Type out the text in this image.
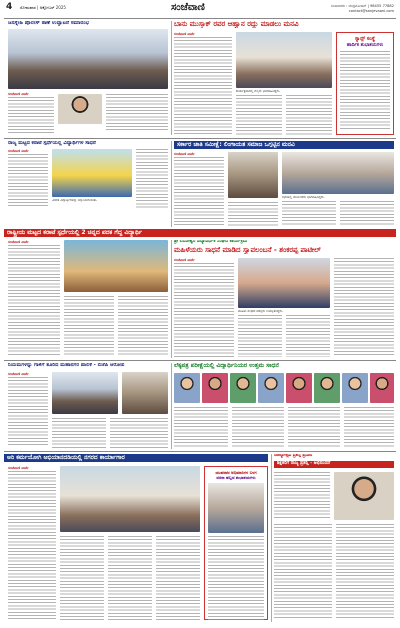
4 ಸೋಮವಾರ | ಅಕ್ಟೋಬರ್ 2025	ಸಂಜೆವಾಣಿ	ಸಂಪಾದಕರು : ಚಂದ್ರಮೋಹನ್ | 98455 77882
contact@sanjevaani.com
ಜನಸ್ನೇಹಿ ಪೊಲೀಸ್ ಠಾಣೆ ಉದ್ಘಾಟನೆ ಸಮಾರಂಭ
ಸಂಜೆವಾಣಿ ವಾರ್ತೆ
ಬಾನು ಮುಸ್ತಾಕ್ ರವರ ಆಹ್ವಾನ ರದ್ದು ಮಾಡಲು ಮನವಿ
ಸಂಜೆವಾಣಿ ವಾರ್ತೆ
ಕಾರ್ಯಕ್ರಮದಲ್ಲಿ ಗಣ್ಯರು ಭಾಗವಹಿಸಿದ್ದರು.
ಸ್ಯಾನ್ಸ್ ಸಂಸ್ಥೆ
ಹಾರ್ದಿಕ ಶುಭಾಶಯಗಳು
ರಾಜ್ಯ ಮಟ್ಟದ ಕರಾಟೆ ಸ್ಪರ್ಧೆಯಲ್ಲಿ ವಿದ್ಯಾರ್ಥಿಗಳ ಸಾಧನೆ
ಸಂಜೆವಾಣಿ ವಾರ್ತೆ
ವಿಜೇತ ವಿದ್ಯಾರ್ಥಿಗಳನ್ನು ಸನ್ಮಾನಿಸಲಾಯಿತು.
ಸರ್ಕಾರ ಜಾತಿ ಸಮೀಕ್ಷೆ: ಲಿಂಗಾಯತ ಸಮಾಜ ಒಗ್ಗಟ್ಟಿನ ಮನವಿ
ಸಂಜೆವಾಣಿ ವಾರ್ತೆ
ಸಭೆಯಲ್ಲಿ ಮುಖಂಡರು ಭಾಗವಹಿಸಿದ್ದರು.
ರಾಷ್ಟ್ರೀಯ ಮಟ್ಟದ ಕರಾಟೆ ಸ್ಪರ್ಧೆಯಲ್ಲಿ 2 ಚಿನ್ನದ ಪದಕ ಗೆದ್ದ ವಿದ್ಯಾರ್ಥಿ
ಸಂಜೆವಾಣಿ ವಾರ್ತೆ	ಶ್ರೀ ಬಸವೇಶ್ವರ ವಿದ್ಯಾವರ್ಧಕ ಸಂಘದ ಕಾರ್ಯಕ್ರಮ
ಮಹಿಳೆಯರು ಸಾಧನೆ ಮಾಡಿದ ಸ್ವಾವಲಂಬನೆ - ಶಂಕರಪ್ಪ ಪಾಟೀಲ್
ಸಂಜೆವಾಣಿ ವಾರ್ತೆ
ಮಹಿಳಾ ಸಂಘದ ಸದಸ್ಯರು ಉಪಸ್ಥಿತರಿದ್ದರು.
ನಿಯಮಗಳನ್ನು ಗಾಳಿಗೆ ತೂರಿದ ಮಹಾನಗರ ಪಾಲಿಕೆ - ಬಿಜೆಪಿ ಆರೋಪ
ಸಂಜೆವಾಣಿ ವಾರ್ತೆ
ಲೆಕ್ಕಪತ್ರ ಪರೀಕ್ಷೆಯಲ್ಲಿ ವಿದ್ಯಾರ್ಥಿನಿಯರ ಉತ್ತಮ ಸಾಧನೆ
ಅರಿ ಕರ್ಮಯೋಗಿ ಅಭಿಯಾನದಡಿಯಲ್ಲಿ ನಗರದ ಕಾರ್ಯಾಗಾರ
ಸಂಜೆವಾಣಿ ವಾರ್ತೆ
ಯುವರಾಜ ಅಭಿಮಾನಿಗಳ ಬಳಗ
ದಸರಾ ಹಬ್ಬದ ಶುಭಾಶಯಗಳು
ರಾಜ್ಯೋತ್ಸವ ಪ್ರಶಸ್ತಿ ಪ್ರದಾನ
ಶಿಕ್ಷಕರಿಗೆ ರಾಜ್ಯ ಪ್ರಶಸ್ತಿ - ಅಭಿನಂದನೆ
